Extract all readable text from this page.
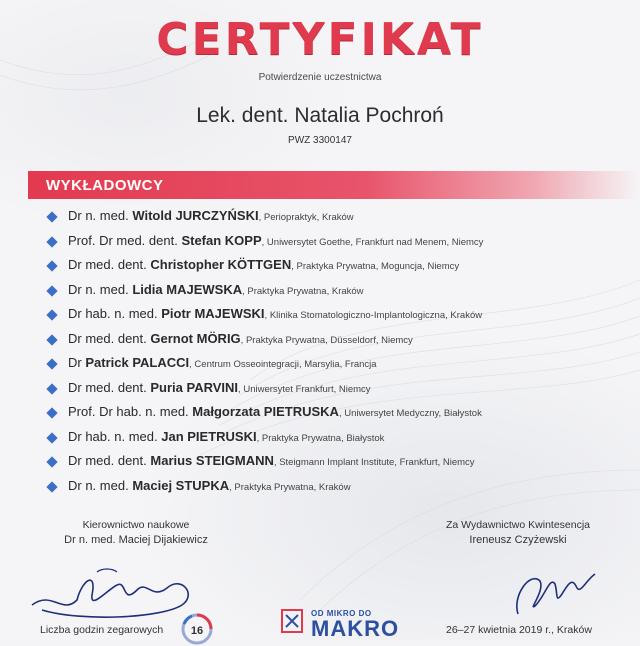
CERTYFIKAT
Potwierdzenie uczestnictwa
Lek. dent. Natalia Pochroń
PWZ 3300147
WYKŁADOWCY
Dr n. med. Witold JURCZYŃSKI, Periopraktyk, Kraków
Prof. Dr med. dent. Stefan KOPP, Uniwersytet Goethe, Frankfurt nad Menem, Niemcy
Dr med. dent. Christopher KÖTTGEN, Praktyka Prywatna, Moguncja, Niemcy
Dr n. med. Lidia MAJEWSKA, Praktyka Prywatna, Kraków
Dr hab. n. med. Piotr MAJEWSKI, Klinika Stomatologiczno-Implantologiczna, Kraków
Dr med. dent. Gernot MÖRIG, Praktyka Prywatna, Düsseldorf, Niemcy
Dr Patrick PALACCI, Centrum Osseointegracji, Marsylia, Francja
Dr med. dent. Puria PARVINI, Uniwersytet Frankfurt, Niemcy
Prof. Dr hab. n. med. Małgorzata PIETRUSKA, Uniwersytet Medyczny, Białystok
Dr hab. n. med. Jan PIETRUSKI, Praktyka Prywatna, Białystok
Dr med. dent. Marius STEIGMANN, Steigmann Implant Institute, Frankfurt, Niemcy
Dr n. med. Maciej STUPKA, Praktyka Prywatna, Kraków
Kierownictwo naukowe
Dr n. med. Maciej Dijakiewicz
Za Wydawnictwo Kwintesencja
Ireneusz Czyżewski
Liczba godzin zegarowych	16
OD MIKRO DO
MAKRO	26–27 kwietnia 2019 r., Kraków
